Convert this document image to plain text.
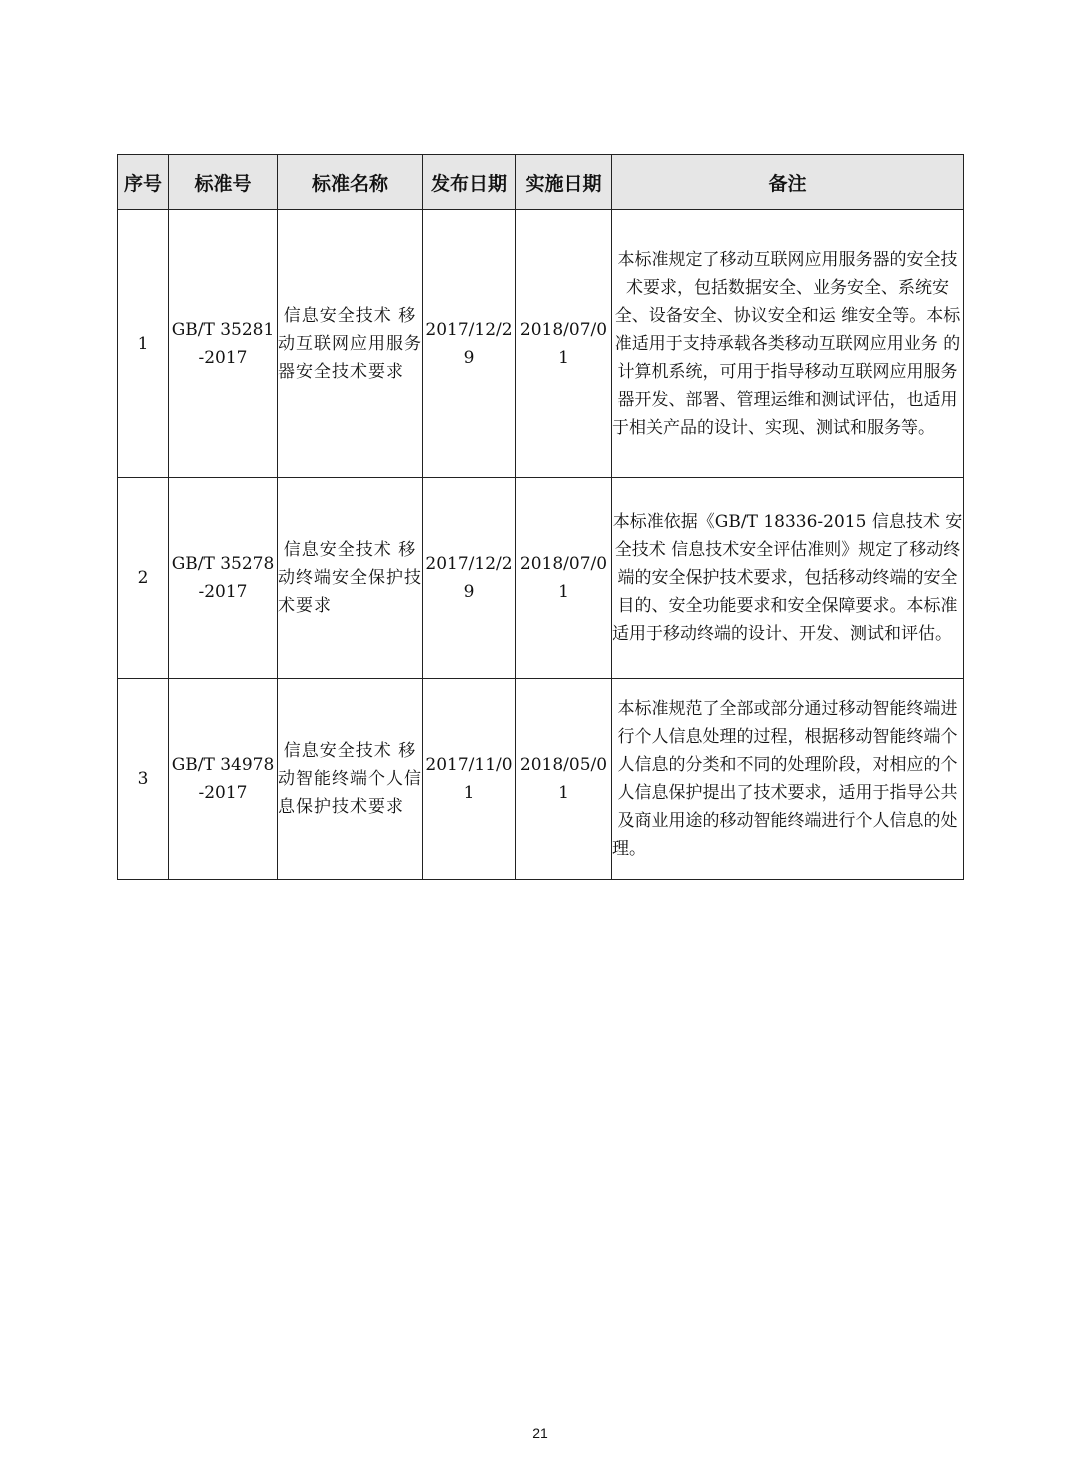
序号	标准号	标准名称	发布日期	实施日期	备注
1	GB/T 35281-2017	信息安全技术 移动互联网应用服务器安全技术要求	2017/12/29	2018/07/01	本标准规定了移动互联网应用服务器的安全技术要求，包括数据安全、业务安全、系统安全、设备安全、协议安全和运 维安全等。本标准适用于支持承载各类移动互联网应用业务 的计算机系统，可用于指导移动互联网应用服务器开发、部署、管理运维和测试评估，也适用于相关产品的设计、实现、测试和服务等。
2	GB/T 35278-2017	信息安全技术 移动终端安全保护技术要求	2017/12/29	2018/07/01	本标准依据《GB/T 18336-2015 信息技术 安全技术 信息技术安全评估准则》规定了移动终端的安全保护技术要求，包括移动终端的安全目的、安全功能要求和安全保障要求。本标准适用于移动终端的设计、开发、测试和评估。
3	GB/T 34978-2017	信息安全技术 移动智能终端个人信息保护技术要求	2017/11/01	2018/05/01	本标准规范了全部或部分通过移动智能终端进行个人信息处理的过程，根据移动智能终端个人信息的分类和不同的处理阶段，对相应的个人信息保护提出了技术要求，适用于指导公共及商业用途的移动智能终端进行个人信息的处理。
21
